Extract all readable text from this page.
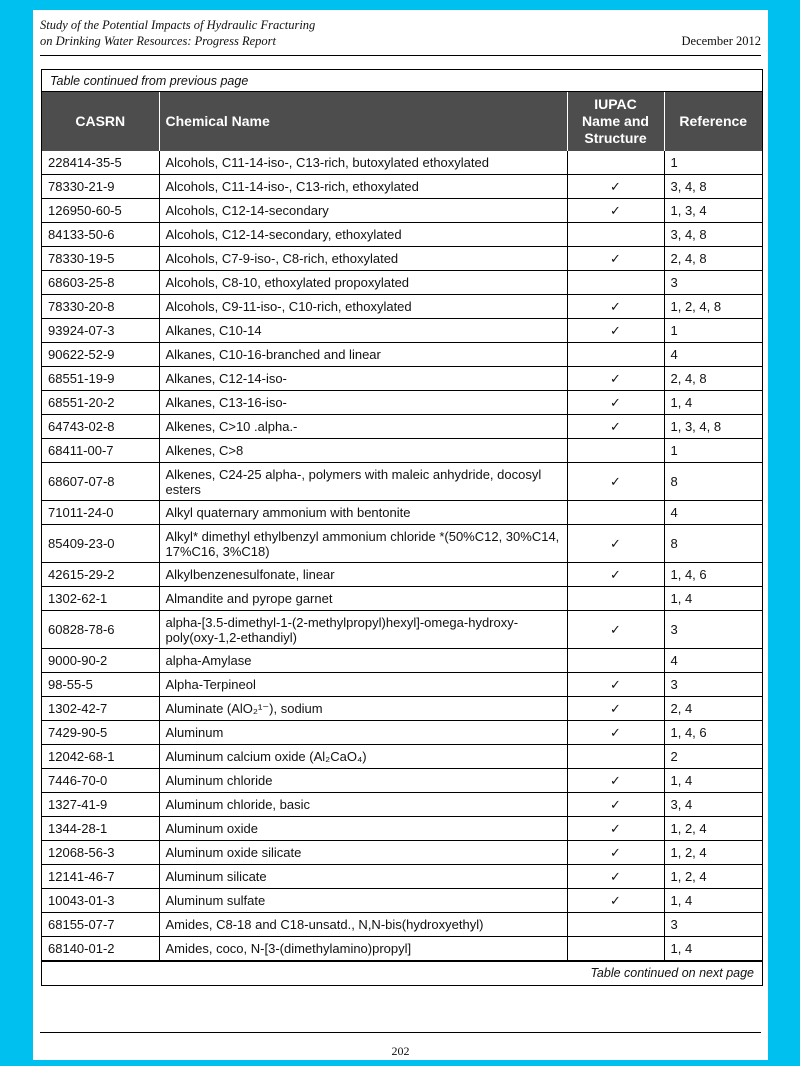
Study of the Potential Impacts of Hydraulic Fracturing
on Drinking Water Resources: Progress Report	December 2012
Table continued from previous page
CASRN	Chemical Name	IUPAC
Name and
Structure	Reference
228414-35-5	Alcohols, C11-14-iso-, C13-rich, butoxylated ethoxylated		1
78330-21-9	Alcohols, C11-14-iso-, C13-rich, ethoxylated	✓	3, 4, 8
126950-60-5	Alcohols, C12-14-secondary	✓	1, 3, 4
84133-50-6	Alcohols, C12-14-secondary, ethoxylated		3, 4, 8
78330-19-5	Alcohols, C7-9-iso-, C8-rich, ethoxylated	✓	2, 4, 8
68603-25-8	Alcohols, C8-10, ethoxylated propoxylated		3
78330-20-8	Alcohols, C9-11-iso-, C10-rich, ethoxylated	✓	1, 2, 4, 8
93924-07-3	Alkanes, C10-14	✓	1
90622-52-9	Alkanes, C10-16-branched and linear		4
68551-19-9	Alkanes, C12-14-iso-	✓	2, 4, 8
68551-20-2	Alkanes, C13-16-iso-	✓	1, 4
64743-02-8	Alkenes, C>10 .alpha.-	✓	1, 3, 4, 8
68411-00-7	Alkenes, C>8		1
68607-07-8	Alkenes, C24-25 alpha-, polymers with maleic anhydride, docosyl esters	✓	8
71011-24-0	Alkyl quaternary ammonium with bentonite		4
85409-23-0	Alkyl* dimethyl ethylbenzyl ammonium chloride *(50%C12, 30%C14, 17%C16, 3%C18)	✓	8
42615-29-2	Alkylbenzenesulfonate, linear	✓	1, 4, 6
1302-62-1	Almandite and pyrope garnet		1, 4
60828-78-6	alpha-[3.5-dimethyl-1-(2-methylpropyl)hexyl]-omega-hydroxy-poly(oxy-1,2-ethandiyl)	✓	3
9000-90-2	alpha-Amylase		4
98-55-5	Alpha-Terpineol	✓	3
1302-42-7	Aluminate (AlO₂¹⁻), sodium	✓	2, 4
7429-90-5	Aluminum	✓	1, 4, 6
12042-68-1	Aluminum calcium oxide (Al₂CaO₄)		2
7446-70-0	Aluminum chloride	✓	1, 4
1327-41-9	Aluminum chloride, basic	✓	3, 4
1344-28-1	Aluminum oxide	✓	1, 2, 4
12068-56-3	Aluminum oxide silicate	✓	1, 2, 4
12141-46-7	Aluminum silicate	✓	1, 2, 4
10043-01-3	Aluminum sulfate	✓	1, 4
68155-07-7	Amides, C8-18 and C18-unsatd., N,N-bis(hydroxyethyl)		3
68140-01-2	Amides, coco, N-[3-(dimethylamino)propyl]		1, 4
Table continued on next page
202
